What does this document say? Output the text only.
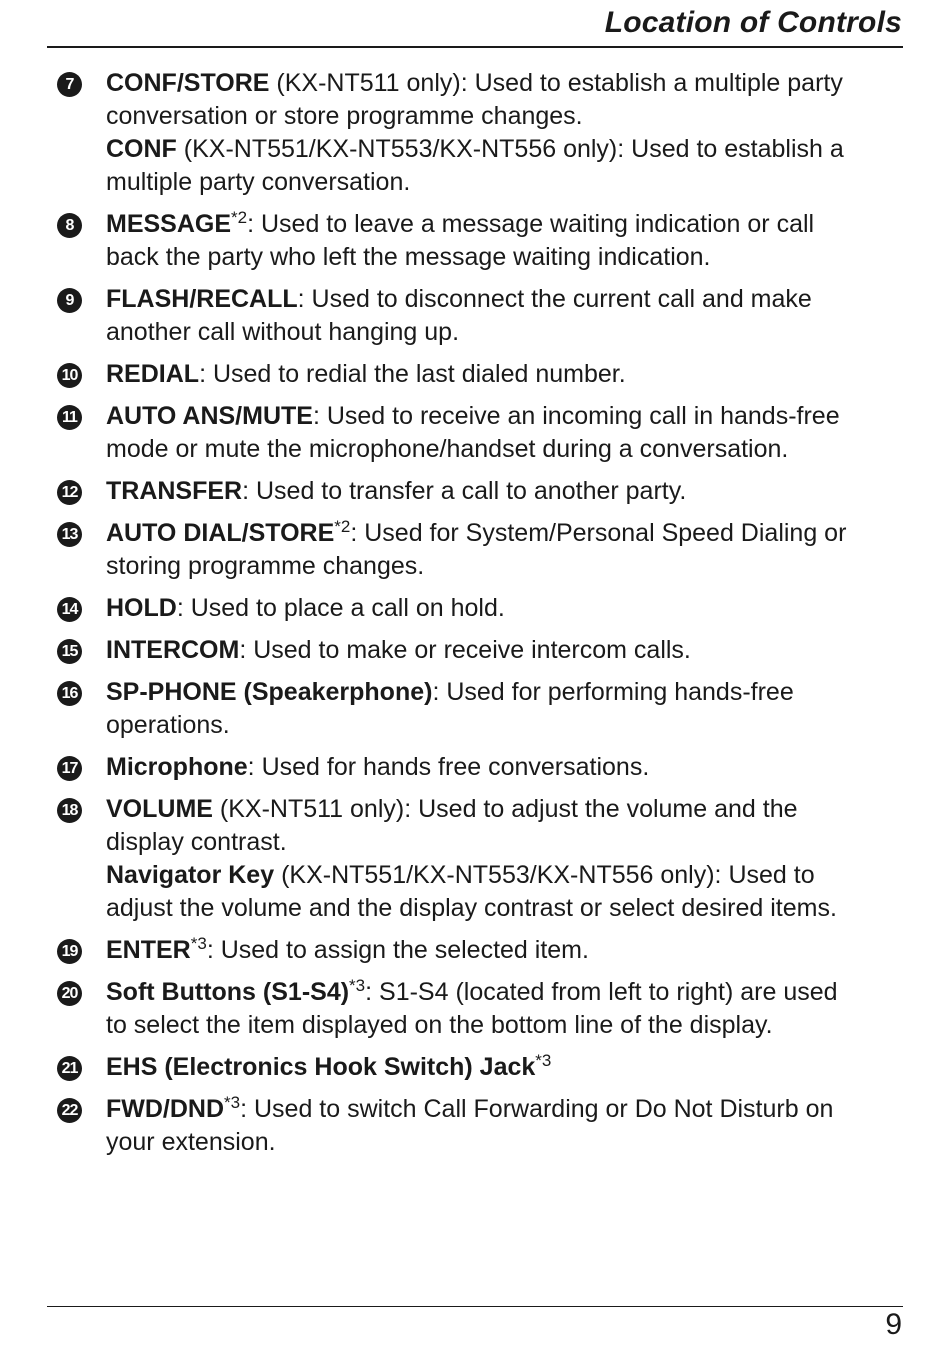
Location of Controls
7	CONF/STORE (KX-NT511 only): Used to establish a multiple party conversation or store programme changes.
CONF (KX-NT551/KX-NT553/KX-NT556 only): Used to establish a multiple party conversation.
8	MESSAGE$^{*2}$: Used to leave a message waiting indication or call back the party who left the message waiting indication.
9	FLASH/RECALL: Used to disconnect the current call and make another call without hanging up.
10 REDIAL: Used to redial the last dialed number.
11 AUTO ANS/MUTE: Used to receive an incoming call in hands-free mode or mute the microphone/handset during a conversation.
12 TRANSFER: Used to transfer a call to another party.
13 AUTO DIAL/STORE$^{*2}$: Used for System/Personal Speed Dialing or storing programme changes.
14 HOLD: Used to place a call on hold.
15 INTERCOM: Used to make or receive intercom calls.
16 SP-PHONE (Speakerphone): Used for performing hands-free operations.
17 Microphone: Used for hands free conversations.
18 VOLUME (KX-NT511 only): Used to adjust the volume and the display contrast.
Navigator Key (KX-NT551/KX-NT553/KX-NT556 only): Used to adjust the volume and the display contrast or select desired items.
19 ENTER$^{*3}$: Used to assign the selected item.
20 Soft Buttons $(S1-S4)^{*3}$: S1-S4 (located from left to right) are used to select the item displayed on the bottom line of the display.
21 EHS (Electronics Hook Switch) Jack$^{*3}$
22 FWD/DND$^{*3}$: Used to switch Call Forwarding or Do Not Disturb on your extension.
9
